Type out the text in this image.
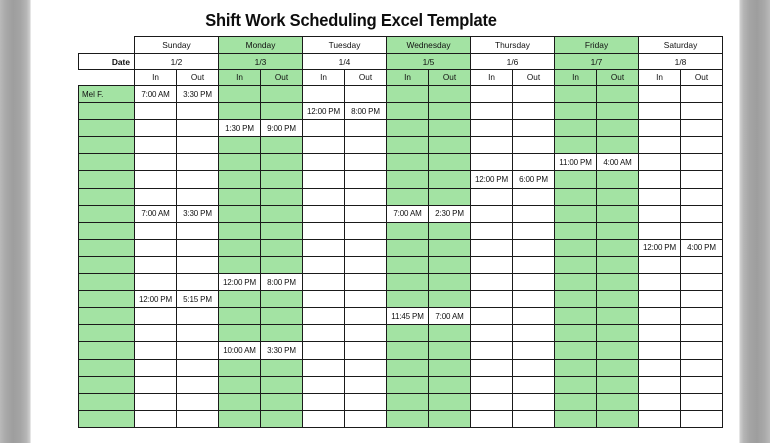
Shift Work Scheduling Excel Template
	Sunday		Monday		Tuesday		Wednesday		Thursday		Friday		Saturday	
Date	1/2		1/3		1/4		1/5		1/6		1/7		1/8	
	In	Out	In	Out	In	Out	In	Out	In	Out	In	Out	In	Out
Mel F.	7:00 AM	3:30 PM												
					12:00 PM	8:00 PM								
			1:30 PM	9:00 PM										

											11:00 PM	4:00 AM		
									12:00 PM	6:00 PM				

	7:00 AM	3:30 PM					7:00 AM	2:30 PM						

													12:00 PM	4:00 PM

			12:00 PM	8:00 PM										
	12:00 PM	5:15 PM												
							11:45 PM	7:00 AM						

			10:00 AM	3:30 PM										
